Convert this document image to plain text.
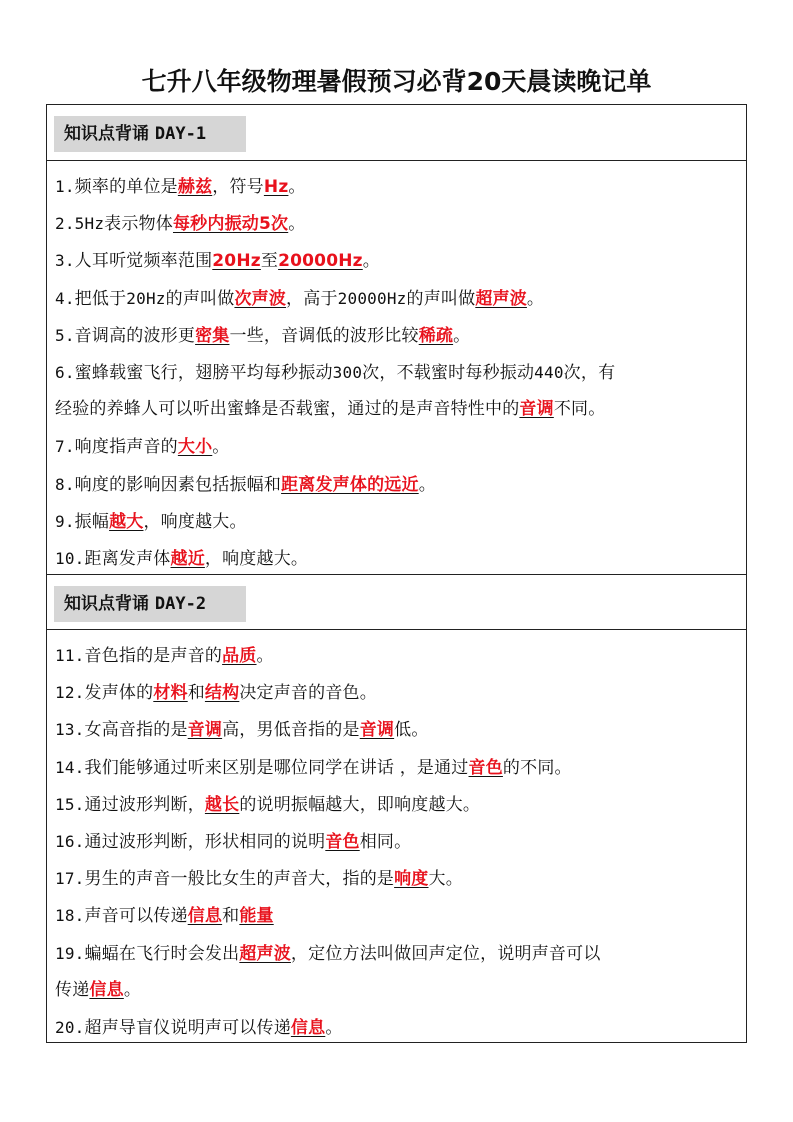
七升八年级物理暑假预习必背20天晨读晚记单
知识点背诵 DAY-1
1.频率的单位是赫兹，符号Hz。
2.5Hz表示物体每秒内振动5次。
3.人耳听觉频率范围20Hz至20000Hz。
4.把低于20Hz的声叫做次声波，高于20000Hz的声叫做超声波。
5.音调高的波形更密集一些，音调低的波形比较稀疏。
6.蜜蜂载蜜飞行，翅膀平均每秒振动300次，不载蜜时每秒振动440次，有
经验的养蜂人可以听出蜜蜂是否载蜜，通过的是声音特性中的音调不同。
7.响度指声音的大小。
8.响度的影响因素包括振幅和距离发声体的远近。
9.振幅越大，响度越大。
10.距离发声体越近，响度越大。
知识点背诵 DAY-2
11.音色指的是声音的品质。
12.发声体的材料和结构决定声音的音色。
13.女高音指的是音调高，男低音指的是音调低。
14.我们能够通过听来区别是哪位同学在讲话 ，是通过音色的不同。
15.通过波形判断，越长的说明振幅越大，即响度越大。
16.通过波形判断，形状相同的说明音色相同。
17.男生的声音一般比女生的声音大，指的是响度大。
18.声音可以传递信息和能量
19.蝙蝠在飞行时会发出超声波，定位方法叫做回声定位，说明声音可以
传递信息。
20.超声导盲仪说明声可以传递信息。
